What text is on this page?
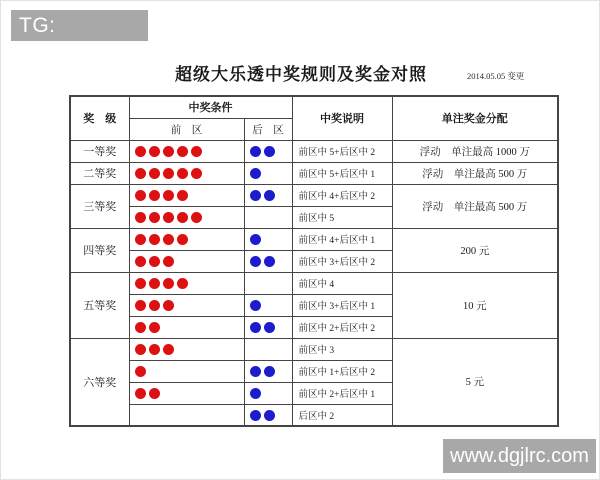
TG: MYYJJPP
超级大乐透中奖规则及奖金对照	2014.05.05 变更
奖　级	中奖条件		中奖说明	单注奖金分配
	前　区	后　区		
一等奖			前区中 5+后区中 2	浮动　单注最高 1000 万
二等奖			前区中 5+后区中 1	浮动　单注最高 500 万
三等奖			前区中 4+后区中 2	浮动　单注最高 500 万
			前区中 5	
四等奖			前区中 4+后区中 1	200 元
			前区中 3+后区中 2	
五等奖			前区中 4	10 元
			前区中 3+后区中 1	
			前区中 2+后区中 2	
六等奖			前区中 3	5 元
			前区中 1+后区中 2	
			前区中 2+后区中 1	
			后区中 2	
www.dgjlrc.com
